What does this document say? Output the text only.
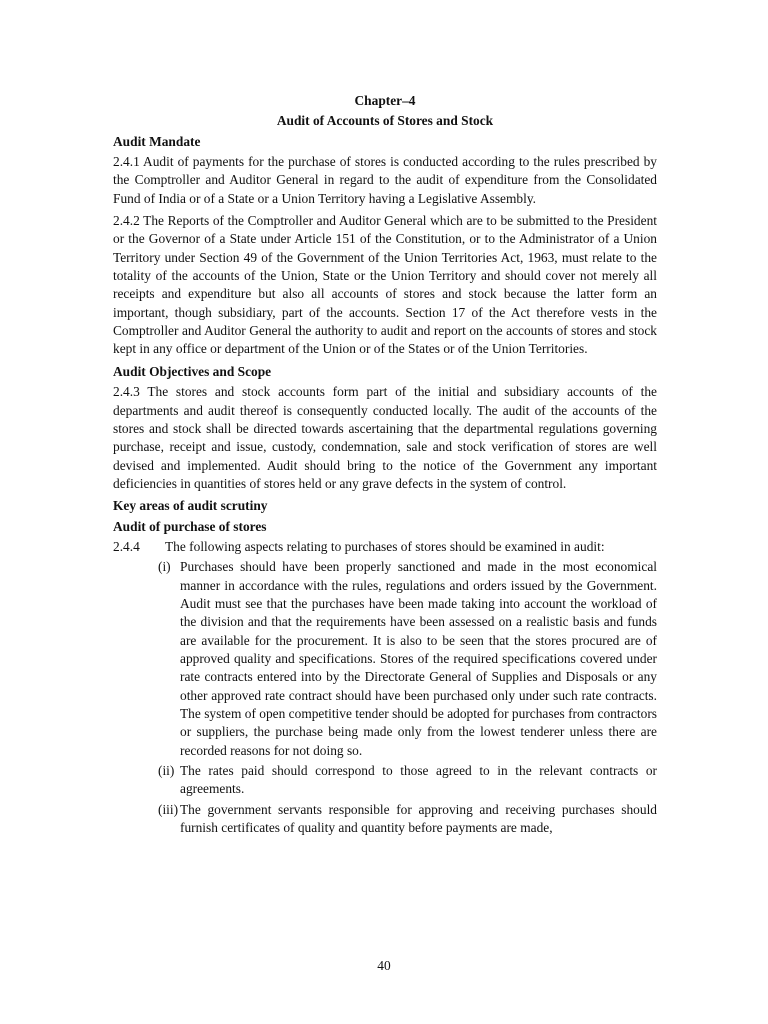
Chapter–4

Audit of Accounts of Stores and Stock

Audit Mandate

2.4.1 Audit of payments for the purchase of stores is conducted according to the rules prescribed by the Comptroller and Auditor General in regard to the audit of expenditure from the Consolidated Fund of India or of a State or a Union Territory having a Legislative Assembly.

2.4.2 The Reports of the Comptroller and Auditor General which are to be submitted to the President or the Governor of a State under Article 151 of the Constitution, or to the Administrator of a Union Territory under Section 49 of the Government of the Union Territories Act, 1963, must relate to the totality of the accounts of the Union, State or the Union Territory and should cover not merely all receipts and expenditure but also all accounts of stores and stock because the latter form an important, though subsidiary, part of the accounts. Section 17 of the Act therefore vests in the Comptroller and Auditor General the authority to audit and report on the accounts of stores and stock kept in any office or department of the Union or of the States or of the Union Territories.

Audit Objectives and Scope

2.4.3 The stores and stock accounts form part of the initial and subsidiary accounts of the departments and audit thereof is consequently conducted locally. The audit of the accounts of the stores and stock shall be directed towards ascertaining that the departmental regulations governing purchase, receipt and issue, custody, condemnation, sale and stock verification of stores are well devised and implemented. Audit should bring to the notice of the Government any important deficiencies in quantities of stores held or any grave defects in the system of control.

Key areas of audit scrutiny
Audit of purchase of stores
2.4.4	The following aspects relating to purchases of stores should be examined in audit:
(i) Purchases should have been properly sanctioned and made in the most economical manner in accordance with the rules, regulations and orders issued by the Government. Audit must see that the purchases have been made taking into account the workload of the division and that the requirements have been assessed on a realistic basis and funds are available for the procurement. It is also to be seen that the stores procured are of approved quality and specifications. Stores of the required specifications covered under rate contracts entered into by the Directorate General of Supplies and Disposals or any other approved rate contract should have been purchased only under such rate contracts. The system of open competitive tender should be adopted for purchases from contractors or suppliers, the purchase being made only from the lowest tenderer unless there are recorded reasons for not doing so.
(ii) The rates paid should correspond to those agreed to in the relevant contracts or agreements.
(iii) The government servants responsible for approving and receiving purchases should furnish certificates of quality and quantity before payments are made,
40
